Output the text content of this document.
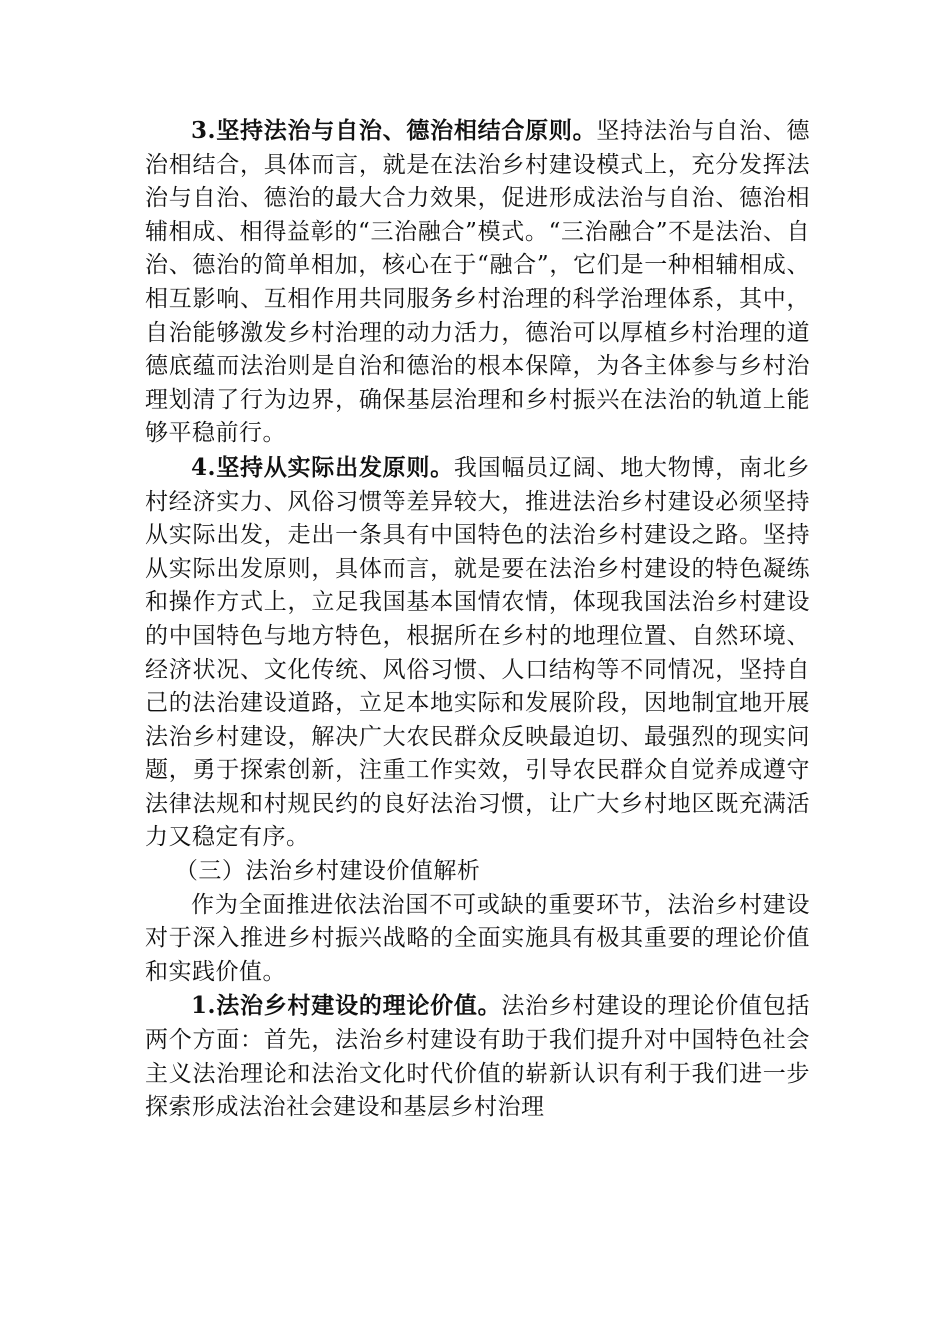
3.坚持法治与自治、德治相结合原则。坚持法治与自治、德治相结合，具体而言，就是在法治乡村建设模式上，充分发挥法治与自治、德治的最大合力效果，促进形成法治与自治、德治相辅相成、相得益彰的“三治融合”模式。“三治融合”不是法治、自治、德治的简单相加，核心在于“融合”，它们是一种相辅相成、相互影响、互相作用共同服务乡村治理的科学治理体系，其中，自治能够激发乡村治理的动力活力，德治可以厚植乡村治理的道德底蕴而法治则是自治和德治的根本保障，为各主体参与乡村治理划清了行为边界，确保基层治理和乡村振兴在法治的轨道上能够平稳前行。

4.坚持从实际出发原则。我国幅员辽阔、地大物博，南北乡村经济实力、风俗习惯等差异较大，推进法治乡村建设必须坚持从实际出发，走出一条具有中国特色的法治乡村建设之路。坚持从实际出发原则，具体而言，就是要在法治乡村建设的特色凝练和操作方式上，立足我国基本国情农情，体现我国法治乡村建设的中国特色与地方特色，根据所在乡村的地理位置、自然环境、经济状况、文化传统、风俗习惯、人口结构等不同情况，坚持自己的法治建设道路，立足本地实际和发展阶段，因地制宜地开展法治乡村建设，解决广大农民群众反映最迫切、最强烈的现实问题，勇于探索创新，注重工作实效，引导农民群众自觉养成遵守法律法规和村规民约的良好法治习惯，让广大乡村地区既充满活力又稳定有序。

（三）法治乡村建设价值解析

作为全面推进依法治国不可或缺的重要环节，法治乡村建设对于深入推进乡村振兴战略的全面实施具有极其重要的理论价值和实践价值。

1.法治乡村建设的理论价值。法治乡村建设的理论价值包括两个方面：首先，法治乡村建设有助于我们提升对中国特色社会主义法治理论和法治文化时代价值的崭新认识有利于我们进一步探索形成法治社会建设和基层乡村治理
